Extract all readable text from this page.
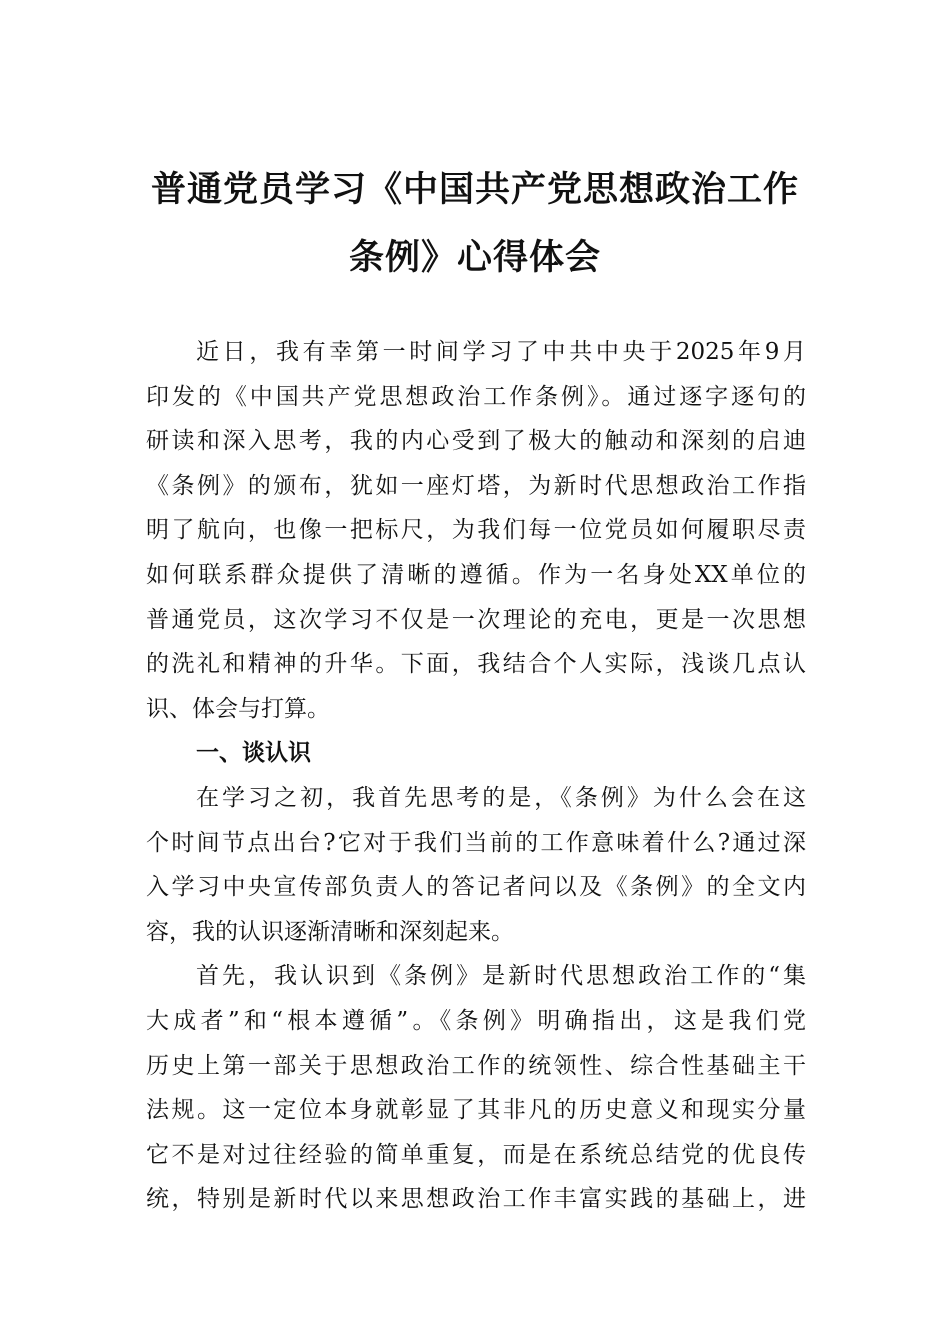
普通党员学习《中国共产党思想政治工作
条例》心得体会
近日，我有幸第一时间学习了中共中央于2025年9月
印发的《中国共产党思想政治工作条例》。通过逐字逐句的
研读和深入思考，我的内心受到了极大的触动和深刻的启迪
《条例》的颁布，犹如一座灯塔，为新时代思想政治工作指
明了航向，也像一把标尺，为我们每一位党员如何履职尽责
如何联系群众提供了清晰的遵循。作为一名身处XX单位的
普通党员，这次学习不仅是一次理论的充电，更是一次思想
的洗礼和精神的升华。下面，我结合个人实际，浅谈几点认
识、体会与打算。
一、谈认识
在学习之初，我首先思考的是，《条例》为什么会在这
个时间节点出台?它对于我们当前的工作意味着什么?通过深
入学习中央宣传部负责人的答记者问以及《条例》的全文内
容，我的认识逐渐清晰和深刻起来。
首先，我认识到《条例》是新时代思想政治工作的“集
大成者”和“根本遵循”。《条例》明确指出，这是我们党
历史上第一部关于思想政治工作的统领性、综合性基础主干
法规。这一定位本身就彰显了其非凡的历史意义和现实分量
它不是对过往经验的简单重复，而是在系统总结党的优良传
统，特别是新时代以来思想政治工作丰富实践的基础上，进
